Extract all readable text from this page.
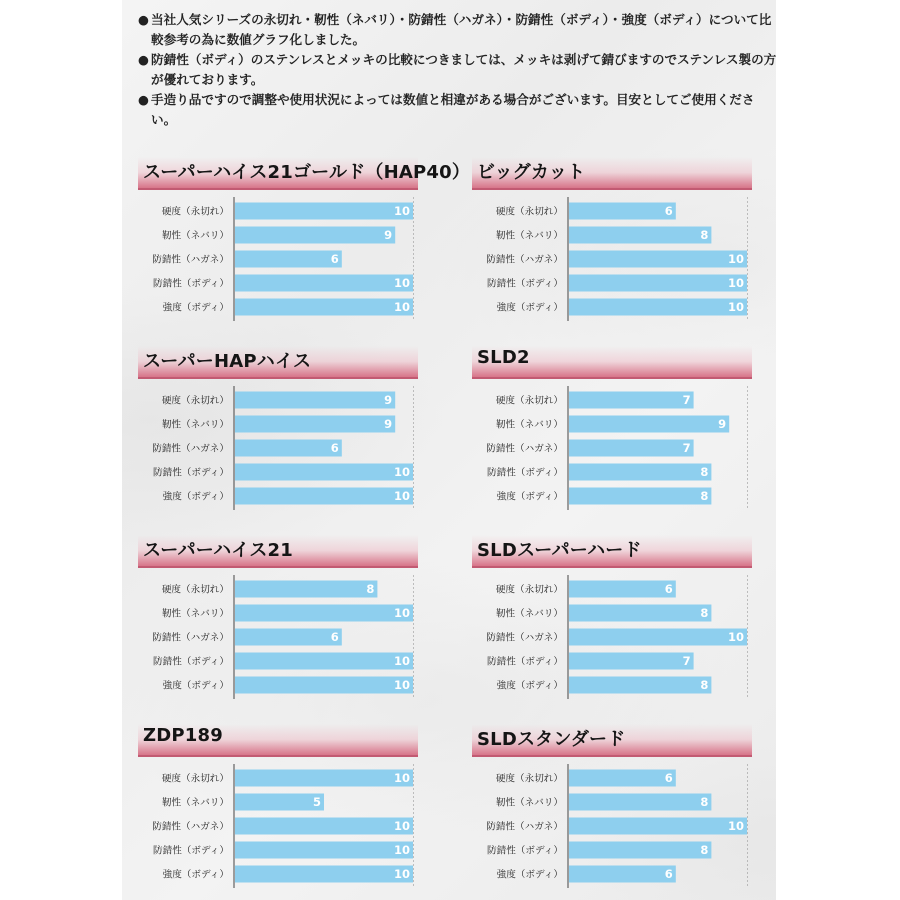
● 当社人気シリーズの永切れ・靭性（ネバリ）・防錆性（ハガネ）・防錆性（ボディ）・強度（ボディ）について比較参考の為に数値グラフ化しました。
● 防錆性（ボディ）のステンレスとメッキの比較につきましては、メッキは剥げて錆びますのでステンレス製の方が優れております。
● 手造り品ですので調整や使用状況によっては数値と相違がある場合がございます。目安としてご使用ください。
スーパーハイス21ゴールド（HAP40）
硬度（永切れ）	10
靭性（ネバリ）	9
防錆性（ハガネ）	6
防錆性（ボディ）	10
強度（ボディ）	10
ビッグカット
硬度（永切れ）	6
靭性（ネバリ）	8
防錆性（ハガネ）	10
防錆性（ボディ）	10
強度（ボディ）	10
スーパーHAPハイス
硬度（永切れ）	9
靭性（ネバリ）	9
防錆性（ハガネ）	6
防錆性（ボディ）	10
強度（ボディ）	10
SLD2
硬度（永切れ）	7
靭性（ネバリ）	9
防錆性（ハガネ）	7
防錆性（ボディ）	8
強度（ボディ）	8
スーパーハイス21
硬度（永切れ）	8
靭性（ネバリ）	10
防錆性（ハガネ）	6
防錆性（ボディ）	10
強度（ボディ）	10
SLDスーパーハード
硬度（永切れ）	6
靭性（ネバリ）	8
防錆性（ハガネ）	10
防錆性（ボディ）	7
強度（ボディ）	8
ZDP189
硬度（永切れ）	10
靭性（ネバリ）	5
防錆性（ハガネ）	10
防錆性（ボディ）	10
強度（ボディ）	10
SLDスタンダード
硬度（永切れ）	6
靭性（ネバリ）	8
防錆性（ハガネ）	10
防錆性（ボディ）	8
強度（ボディ）	6
